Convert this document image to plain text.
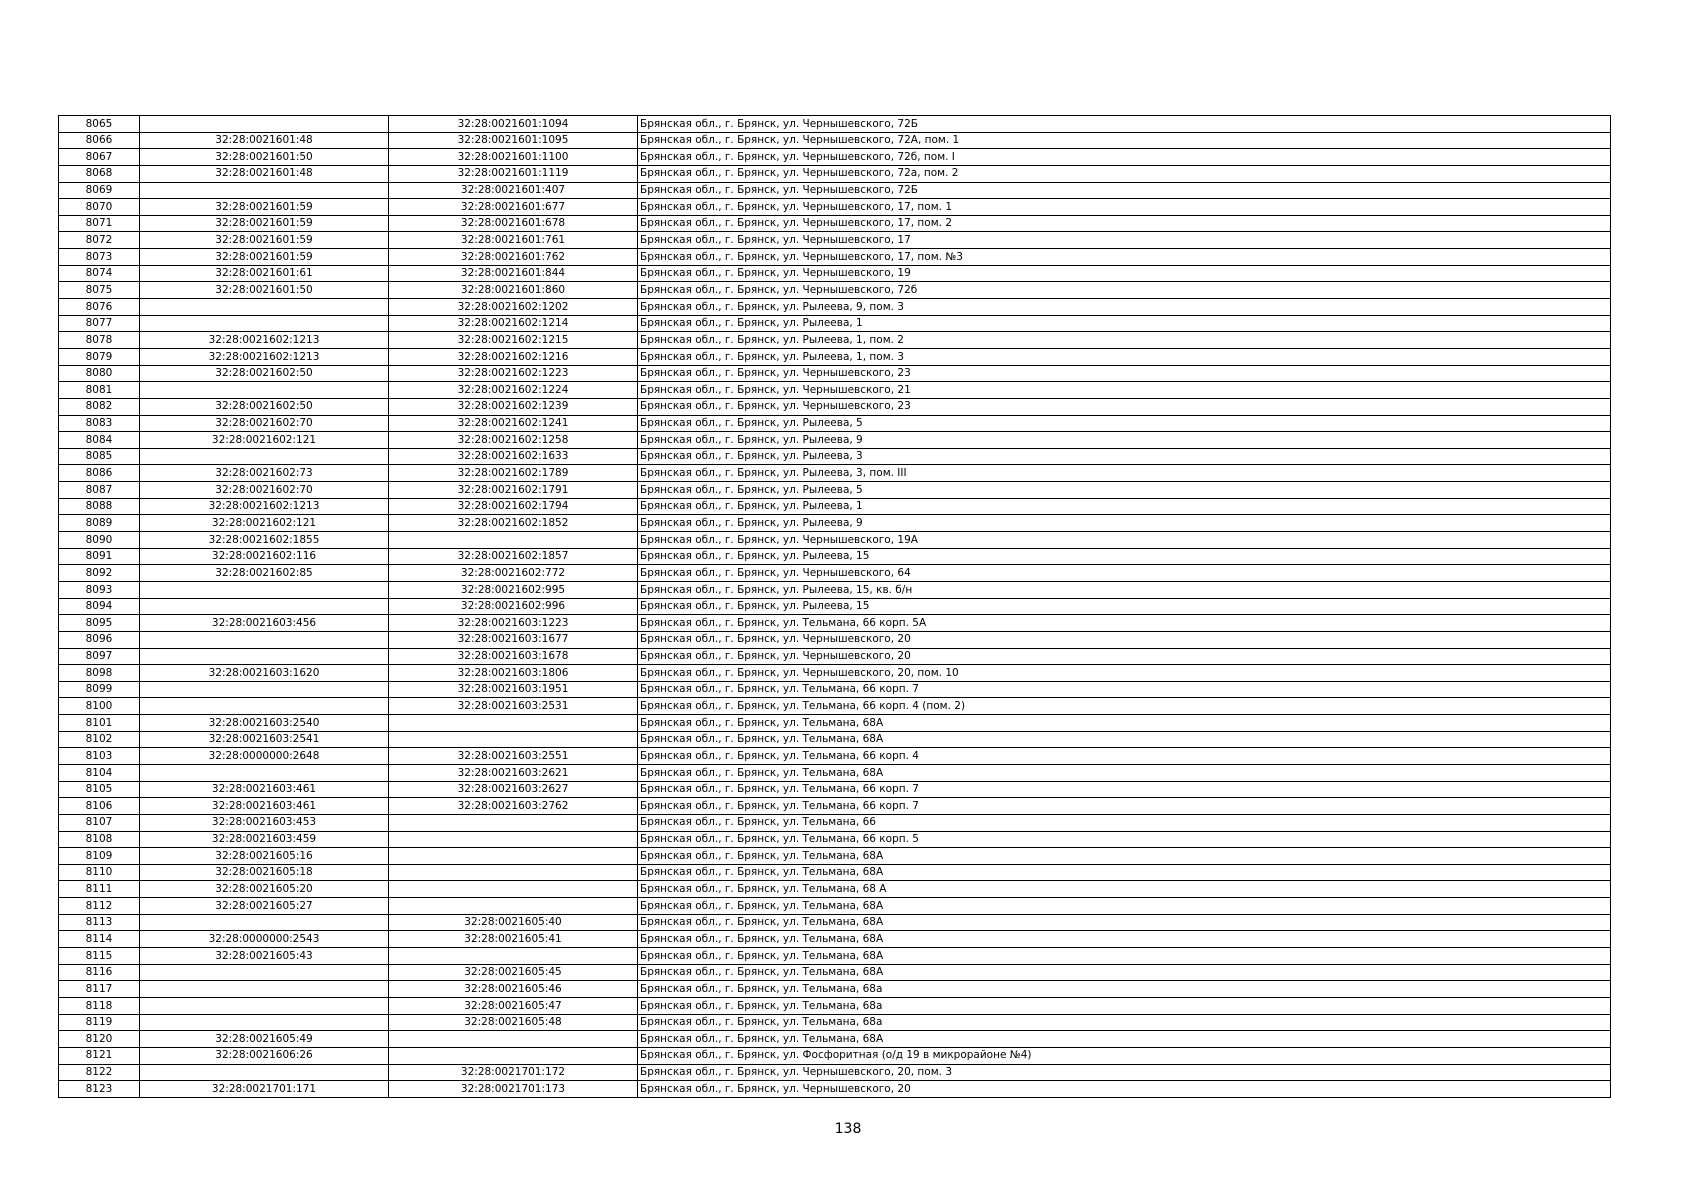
8065		32:28:0021601:1094	Брянская обл., г. Брянск, ул. Чернышевского, 72Б
8066	32:28:0021601:48	32:28:0021601:1095	Брянская обл., г. Брянск, ул. Чернышевского, 72А, пом. 1
8067	32:28:0021601:50	32:28:0021601:1100	Брянская обл., г. Брянск, ул. Чернышевского, 72б, пом. I
8068	32:28:0021601:48	32:28:0021601:1119	Брянская обл., г. Брянск, ул. Чернышевского, 72а, пом. 2
8069		32:28:0021601:407	Брянская обл., г. Брянск, ул. Чернышевского, 72Б
8070	32:28:0021601:59	32:28:0021601:677	Брянская обл., г. Брянск, ул. Чернышевского, 17, пом. 1
8071	32:28:0021601:59	32:28:0021601:678	Брянская обл., г. Брянск, ул. Чернышевского, 17, пом. 2
8072	32:28:0021601:59	32:28:0021601:761	Брянская обл., г. Брянск, ул. Чернышевского, 17
8073	32:28:0021601:59	32:28:0021601:762	Брянская обл., г. Брянск, ул. Чернышевского, 17, пом. №3
8074	32:28:0021601:61	32:28:0021601:844	Брянская обл., г. Брянск, ул. Чернышевского, 19
8075	32:28:0021601:50	32:28:0021601:860	Брянская обл., г. Брянск, ул. Чернышевского, 72б
8076		32:28:0021602:1202	Брянская обл., г. Брянск, ул. Рылеева, 9, пом. 3
8077		32:28:0021602:1214	Брянская обл., г. Брянск, ул. Рылеева, 1
8078	32:28:0021602:1213	32:28:0021602:1215	Брянская обл., г. Брянск, ул. Рылеева, 1, пом. 2
8079	32:28:0021602:1213	32:28:0021602:1216	Брянская обл., г. Брянск, ул. Рылеева, 1, пом. 3
8080	32:28:0021602:50	32:28:0021602:1223	Брянская обл., г. Брянск, ул. Чернышевского, 23
8081		32:28:0021602:1224	Брянская обл., г. Брянск, ул. Чернышевского, 21
8082	32:28:0021602:50	32:28:0021602:1239	Брянская обл., г. Брянск, ул. Чернышевского, 23
8083	32:28:0021602:70	32:28:0021602:1241	Брянская обл., г. Брянск, ул. Рылеева, 5
8084	32:28:0021602:121	32:28:0021602:1258	Брянская обл., г. Брянск, ул. Рылеева, 9
8085		32:28:0021602:1633	Брянская обл., г. Брянск, ул. Рылеева, 3
8086	32:28:0021602:73	32:28:0021602:1789	Брянская обл., г. Брянск, ул. Рылеева, 3, пом. III
8087	32:28:0021602:70	32:28:0021602:1791	Брянская обл., г. Брянск, ул. Рылеева, 5
8088	32:28:0021602:1213	32:28:0021602:1794	Брянская обл., г. Брянск, ул. Рылеева, 1
8089	32:28:0021602:121	32:28:0021602:1852	Брянская обл., г. Брянск, ул. Рылеева, 9
8090	32:28:0021602:1855		Брянская обл., г. Брянск, ул. Чернышевского, 19А
8091	32:28:0021602:116	32:28:0021602:1857	Брянская обл., г. Брянск, ул. Рылеева, 15
8092	32:28:0021602:85	32:28:0021602:772	Брянская обл., г. Брянск, ул. Чернышевского, 64
8093		32:28:0021602:995	Брянская обл., г. Брянск, ул. Рылеева, 15, кв. б/н
8094		32:28:0021602:996	Брянская обл., г. Брянск, ул. Рылеева, 15
8095	32:28:0021603:456	32:28:0021603:1223	Брянская обл., г. Брянск, ул. Тельмана, 66 корп. 5А
8096		32:28:0021603:1677	Брянская обл., г. Брянск, ул. Чернышевского, 20
8097		32:28:0021603:1678	Брянская обл., г. Брянск, ул. Чернышевского, 20
8098	32:28:0021603:1620	32:28:0021603:1806	Брянская обл., г. Брянск, ул. Чернышевского, 20, пом. 10
8099		32:28:0021603:1951	Брянская обл., г. Брянск, ул. Тельмана, 66 корп. 7
8100		32:28:0021603:2531	Брянская обл., г. Брянск, ул. Тельмана, 66 корп. 4 (пом. 2)
8101	32:28:0021603:2540		Брянская обл., г. Брянск, ул. Тельмана, 68А
8102	32:28:0021603:2541		Брянская обл., г. Брянск, ул. Тельмана, 68А
8103	32:28:0000000:2648	32:28:0021603:2551	Брянская обл., г. Брянск, ул. Тельмана, 66 корп. 4
8104		32:28:0021603:2621	Брянская обл., г. Брянск, ул. Тельмана, 68А
8105	32:28:0021603:461	32:28:0021603:2627	Брянская обл., г. Брянск, ул. Тельмана, 66 корп. 7
8106	32:28:0021603:461	32:28:0021603:2762	Брянская обл., г. Брянск, ул. Тельмана, 66 корп. 7
8107	32:28:0021603:453		Брянская обл., г. Брянск, ул. Тельмана, 66
8108	32:28:0021603:459		Брянская обл., г. Брянск, ул. Тельмана, 66 корп. 5
8109	32:28:0021605:16		Брянская обл., г. Брянск, ул. Тельмана, 68А
8110	32:28:0021605:18		Брянская обл., г. Брянск, ул. Тельмана, 68А
8111	32:28:0021605:20		Брянская обл., г. Брянск, ул. Тельмана, 68 А
8112	32:28:0021605:27		Брянская обл., г. Брянск, ул. Тельмана, 68А
8113		32:28:0021605:40	Брянская обл., г. Брянск, ул. Тельмана, 68А
8114	32:28:0000000:2543	32:28:0021605:41	Брянская обл., г. Брянск, ул. Тельмана, 68А
8115	32:28:0021605:43		Брянская обл., г. Брянск, ул. Тельмана, 68А
8116		32:28:0021605:45	Брянская обл., г. Брянск, ул. Тельмана, 68А
8117		32:28:0021605:46	Брянская обл., г. Брянск, ул. Тельмана, 68а
8118		32:28:0021605:47	Брянская обл., г. Брянск, ул. Тельмана, 68а
8119		32:28:0021605:48	Брянская обл., г. Брянск, ул. Тельмана, 68а
8120	32:28:0021605:49		Брянская обл., г. Брянск, ул. Тельмана, 68А
8121	32:28:0021606:26		Брянская обл., г. Брянск, ул. Фосфоритная (о/д 19 в микрорайоне №4)
8122		32:28:0021701:172	Брянская обл., г. Брянск, ул. Чернышевского, 20, пом. 3
8123	32:28:0021701:171	32:28:0021701:173	Брянская обл., г. Брянск, ул. Чернышевского, 20
138
